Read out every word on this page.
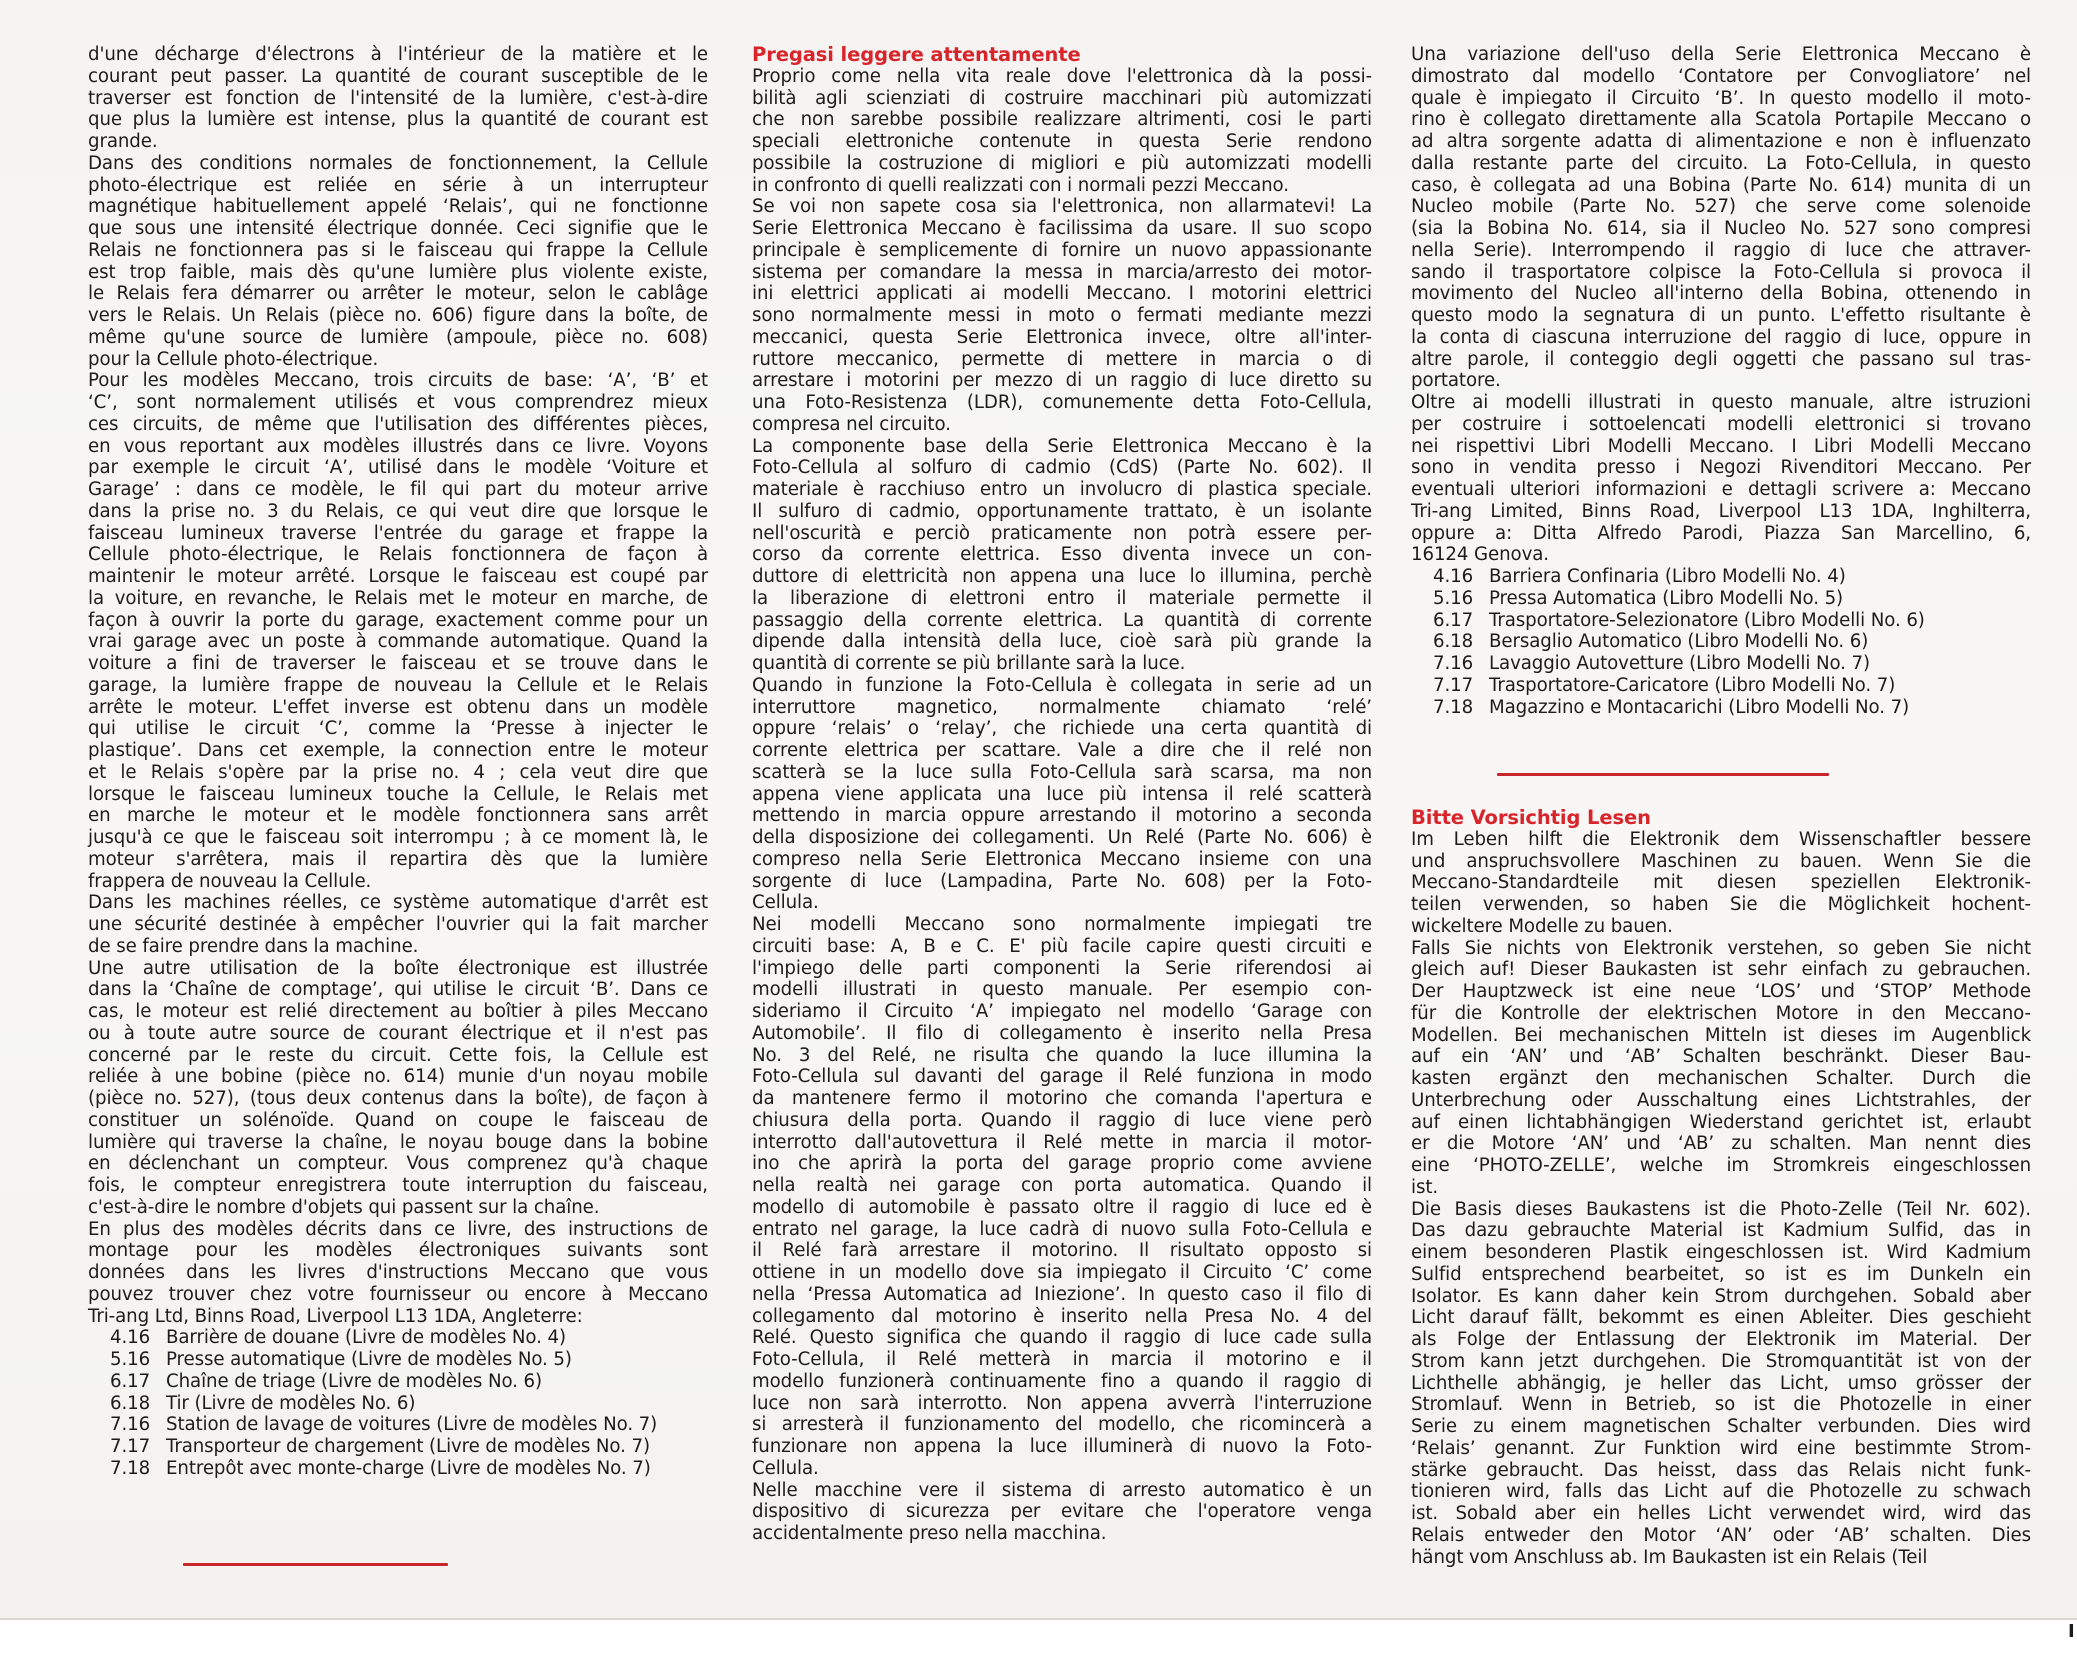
d'une décharge d'électrons à l'intérieur de la matière et le
courant peut passer. La quantité de courant susceptible de le
traverser est fonction de l'intensité de la lumière, c'est-à-dire
que plus la lumière est intense, plus la quantité de courant est
grande.
Dans des conditions normales de fonctionnement, la Cellule
photo-électrique est reliée en série à un interrupteur
magnétique habituellement appelé ‘Relais’, qui ne fonctionne
que sous une intensité électrique donnée. Ceci signifie que le
Relais ne fonctionnera pas si le faisceau qui frappe la Cellule
est trop faible, mais dès qu'une lumière plus violente existe,
le Relais fera démarrer ou arrêter le moteur, selon le cablâge
vers le Relais. Un Relais (pièce no. 606) figure dans la boîte, de
même qu'une source de lumière (ampoule, pièce no. 608)
pour la Cellule photo-électrique.
Pour les modèles Meccano, trois circuits de base: ‘A’, ‘B’ et
‘C’, sont normalement utilisés et vous comprendrez mieux
ces circuits, de même que l'utilisation des différentes pièces,
en vous reportant aux modèles illustrés dans ce livre. Voyons
par exemple le circuit ‘A’, utilisé dans le modèle ‘Voiture et
Garage’ : dans ce modèle, le fil qui part du moteur arrive
dans la prise no. 3 du Relais, ce qui veut dire que lorsque le
faisceau lumineux traverse l'entrée du garage et frappe la
Cellule photo-électrique, le Relais fonctionnera de façon à
maintenir le moteur arrêté. Lorsque le faisceau est coupé par
la voiture, en revanche, le Relais met le moteur en marche, de
façon à ouvrir la porte du garage, exactement comme pour un
vrai garage avec un poste à commande automatique. Quand la
voiture a fini de traverser le faisceau et se trouve dans le
garage, la lumière frappe de nouveau la Cellule et le Relais
arrête le moteur. L'effet inverse est obtenu dans un modèle
qui utilise le circuit ‘C’, comme la ‘Presse à injecter le
plastique’. Dans cet exemple, la connection entre le moteur
et le Relais s'opère par la prise no. 4 ; cela veut dire que
lorsque le faisceau lumineux touche la Cellule, le Relais met
en marche le moteur et le modèle fonctionnera sans arrêt
jusqu'à ce que le faisceau soit interrompu ; à ce moment là, le
moteur s'arrêtera, mais il repartira dès que la lumière
frappera de nouveau la Cellule.
Dans les machines réelles, ce système automatique d'arrêt est
une sécurité destinée à empêcher l'ouvrier qui la fait marcher
de se faire prendre dans la machine.
Une autre utilisation de la boîte électronique est illustrée
dans la ‘Chaîne de comptage’, qui utilise le circuit ‘B’. Dans ce
cas, le moteur est relié directement au boîtier à piles Meccano
ou à toute autre source de courant électrique et il n'est pas
concerné par le reste du circuit. Cette fois, la Cellule est
reliée à une bobine (pièce no. 614) munie d'un noyau mobile
(pièce no. 527), (tous deux contenus dans la boîte), de façon à
constituer un solénoïde. Quand on coupe le faisceau de
lumière qui traverse la chaîne, le noyau bouge dans la bobine
en déclenchant un compteur. Vous comprenez qu'à chaque
fois, le compteur enregistrera toute interruption du faisceau,
c'est-à-dire le nombre d'objets qui passent sur la chaîne.
En plus des modèles décrits dans ce livre, des instructions de
montage pour les modèles électroniques suivants sont
données dans les livres d'instructions Meccano que vous
pouvez trouver chez votre fournisseur ou encore à Meccano
Tri-ang Ltd, Binns Road, Liverpool L13 1DA, Angleterre:
4.16 Barrière de douane (Livre de modèles No. 4)
5.16 Presse automatique (Livre de modèles No. 5)
6.17 Chaîne de triage (Livre de modèles No. 6)
6.18 Tir (Livre de modèles No. 6)
7.16 Station de lavage de voitures (Livre de modèles No. 7)
7.17 Transporteur de chargement (Livre de modèles No. 7)
7.18 Entrepôt avec monte-charge (Livre de modèles No. 7)
Pregasi leggere attentamente
Proprio come nella vita reale dove l'elettronica dà la possi-
bilità agli scienziati di costruire macchinari più automizzati
che non sarebbe possibile realizzare altrimenti, cosi le parti
speciali elettroniche contenute in questa Serie rendono
possibile la costruzione di migliori e più automizzati modelli
in confronto di quelli realizzati con i normali pezzi Meccano.
Se voi non sapete cosa sia l'elettronica, non allarmatevi! La
Serie Elettronica Meccano è facilissima da usare. Il suo scopo
principale è semplicemente di fornire un nuovo appassionante
sistema per comandare la messa in marcia/arresto dei motor-
ini elettrici applicati ai modelli Meccano. I motorini elettrici
sono normalmente messi in moto o fermati mediante mezzi
meccanici, questa Serie Elettronica invece, oltre all'inter-
ruttore meccanico, permette di mettere in marcia o di
arrestare i motorini per mezzo di un raggio di luce diretto su
una Foto-Resistenza (LDR), comunemente detta Foto-Cellula,
compresa nel circuito.
La componente base della Serie Elettronica Meccano è la
Foto-Cellula al solfuro di cadmio (CdS) (Parte No. 602). Il
materiale è racchiuso entro un involucro di plastica speciale.
Il sulfuro di cadmio, opportunamente trattato, è un isolante
nell'oscurità e perciò praticamente non potrà essere per-
corso da corrente elettrica. Esso diventa invece un con-
duttore di elettricità non appena una luce lo illumina, perchè
la liberazione di elettroni entro il materiale permette il
passaggio della corrente elettrica. La quantità di corrente
dipende dalla intensità della luce, cioè sarà più grande la
quantità di corrente se più brillante sarà la luce.
Quando in funzione la Foto-Cellula è collegata in serie ad un
interruttore magnetico, normalmente chiamato ‘relé’
oppure ‘relais’ o ‘relay’, che richiede una certa quantità di
corrente elettrica per scattare. Vale a dire che il relé non
scatterà se la luce sulla Foto-Cellula sarà scarsa, ma non
appena viene applicata una luce più intensa il relé scatterà
mettendo in marcia oppure arrestando il motorino a seconda
della disposizione dei collegamenti. Un Relé (Parte No. 606) è
compreso nella Serie Elettronica Meccano insieme con una
sorgente di luce (Lampadina, Parte No. 608) per la Foto-
Cellula.
Nei modelli Meccano sono normalmente impiegati tre
circuiti base: A, B e C. E' più facile capire questi circuiti e
l'impiego delle parti componenti la Serie riferendosi ai
modelli illustrati in questo manuale. Per esempio con-
sideriamo il Circuito ‘A’ impiegato nel modello ‘Garage con
Automobile’. Il filo di collegamento è inserito nella Presa
No. 3 del Relé, ne risulta che quando la luce illumina la
Foto-Cellula sul davanti del garage il Relé funziona in modo
da mantenere fermo il motorino che comanda l'apertura e
chiusura della porta. Quando il raggio di luce viene però
interrotto dall'autovettura il Relé mette in marcia il motor-
ino che aprirà la porta del garage proprio come avviene
nella realtà nei garage con porta automatica. Quando il
modello di automobile è passato oltre il raggio di luce ed è
entrato nel garage, la luce cadrà di nuovo sulla Foto-Cellula e
il Relé farà arrestare il motorino. Il risultato opposto si
ottiene in un modello dove sia impiegato il Circuito ‘C’ come
nella ‘Pressa Automatica ad Iniezione’. In questo caso il filo di
collegamento dal motorino è inserito nella Presa No. 4 del
Relé. Questo significa che quando il raggio di luce cade sulla
Foto-Cellula, il Relé metterà in marcia il motorino e il
modello funzionerà continuamente fino a quando il raggio di
luce non sarà interrotto. Non appena avverrà l'interruzione
si arresterà il funzionamento del modello, che ricomincerà a
funzionare non appena la luce illuminerà di nuovo la Foto-
Cellula.
Nelle macchine vere il sistema di arresto automatico è un
dispositivo di sicurezza per evitare che l'operatore venga
accidentalmente preso nella macchina.
Una variazione dell'uso della Serie Elettronica Meccano è
dimostrato dal modello ‘Contatore per Convogliatore’ nel
quale è impiegato il Circuito ‘B’. In questo modello il moto-
rino è collegato direttamente alla Scatola Portapile Meccano o
ad altra sorgente adatta di alimentazione e non è influenzato
dalla restante parte del circuito. La Foto-Cellula, in questo
caso, è collegata ad una Bobina (Parte No. 614) munita di un
Nucleo mobile (Parte No. 527) che serve come solenoide
(sia la Bobina No. 614, sia il Nucleo No. 527 sono compresi
nella Serie). Interrompendo il raggio di luce che attraver-
sando il trasportatore colpisce la Foto-Cellula si provoca il
movimento del Nucleo all'interno della Bobina, ottenendo in
questo modo la segnatura di un punto. L'effetto risultante è
la conta di ciascuna interruzione del raggio di luce, oppure in
altre parole, il conteggio degli oggetti che passano sul tras-
portatore.
Oltre ai modelli illustrati in questo manuale, altre istruzioni
per costruire i sottoelencati modelli elettronici si trovano
nei rispettivi Libri Modelli Meccano. I Libri Modelli Meccano
sono in vendita presso i Negozi Rivenditori Meccano. Per
eventuali ulteriori informazioni e dettagli scrivere a: Meccano
Tri-ang Limited, Binns Road, Liverpool L13 1DA, Inghilterra,
oppure a: Ditta Alfredo Parodi, Piazza San Marcellino, 6,
16124 Genova.
4.16 Barriera Confinaria (Libro Modelli No. 4)
5.16 Pressa Automatica (Libro Modelli No. 5)
6.17 Trasportatore-Selezionatore (Libro Modelli No. 6)
6.18 Bersaglio Automatico (Libro Modelli No. 6)
7.16 Lavaggio Autovetture (Libro Modelli No. 7)
7.17 Trasportatore-Caricatore (Libro Modelli No. 7)
7.18 Magazzino e Montacarichi (Libro Modelli No. 7)
Bitte Vorsichtig Lesen
Im Leben hilft die Elektronik dem Wissenschaftler bessere
und anspruchsvollere Maschinen zu bauen. Wenn Sie die
Meccano-Standardteile mit diesen speziellen Elektronik-
teilen verwenden, so haben Sie die Möglichkeit hochent-
wickeltere Modelle zu bauen.
Falls Sie nichts von Elektronik verstehen, so geben Sie nicht
gleich auf! Dieser Baukasten ist sehr einfach zu gebrauchen.
Der Hauptzweck ist eine neue ‘LOS’ und ‘STOP’ Methode
für die Kontrolle der elektrischen Motore in den Meccano-
Modellen. Bei mechanischen Mitteln ist dieses im Augenblick
auf ein ‘AN’ und ‘AB’ Schalten beschränkt. Dieser Bau-
kasten ergänzt den mechanischen Schalter. Durch die
Unterbrechung oder Ausschaltung eines Lichtstrahles, der
auf einen lichtabhängigen Wiederstand gerichtet ist, erlaubt
er die Motore ‘AN’ und ‘AB’ zu schalten. Man nennt dies
eine ‘PHOTO-ZELLE’, welche im Stromkreis eingeschlossen
ist.
Die Basis dieses Baukastens ist die Photo-Zelle (Teil Nr. 602).
Das dazu gebrauchte Material ist Kadmium Sulfid, das in
einem besonderen Plastik eingeschlossen ist. Wird Kadmium
Sulfid entsprechend bearbeitet, so ist es im Dunkeln ein
Isolator. Es kann daher kein Strom durchgehen. Sobald aber
Licht darauf fällt, bekommt es einen Ableiter. Dies geschieht
als Folge der Entlassung der Elektronik im Material. Der
Strom kann jetzt durchgehen. Die Stromquantität ist von der
Lichthelle abhängig, je heller das Licht, umso grösser der
Stromlauf. Wenn in Betrieb, so ist die Photozelle in einer
Serie zu einem magnetischen Schalter verbunden. Dies wird
‘Relais’ genannt. Zur Funktion wird eine bestimmte Strom-
stärke gebraucht. Das heisst, dass das Relais nicht funk-
tionieren wird, falls das Licht auf die Photozelle zu schwach
ist. Sobald aber ein helles Licht verwendet wird, wird das
Relais entweder den Motor ‘AN’ oder ‘AB’ schalten. Dies
hängt vom Anschluss ab. Im Baukasten ist ein Relais (Teil
I
